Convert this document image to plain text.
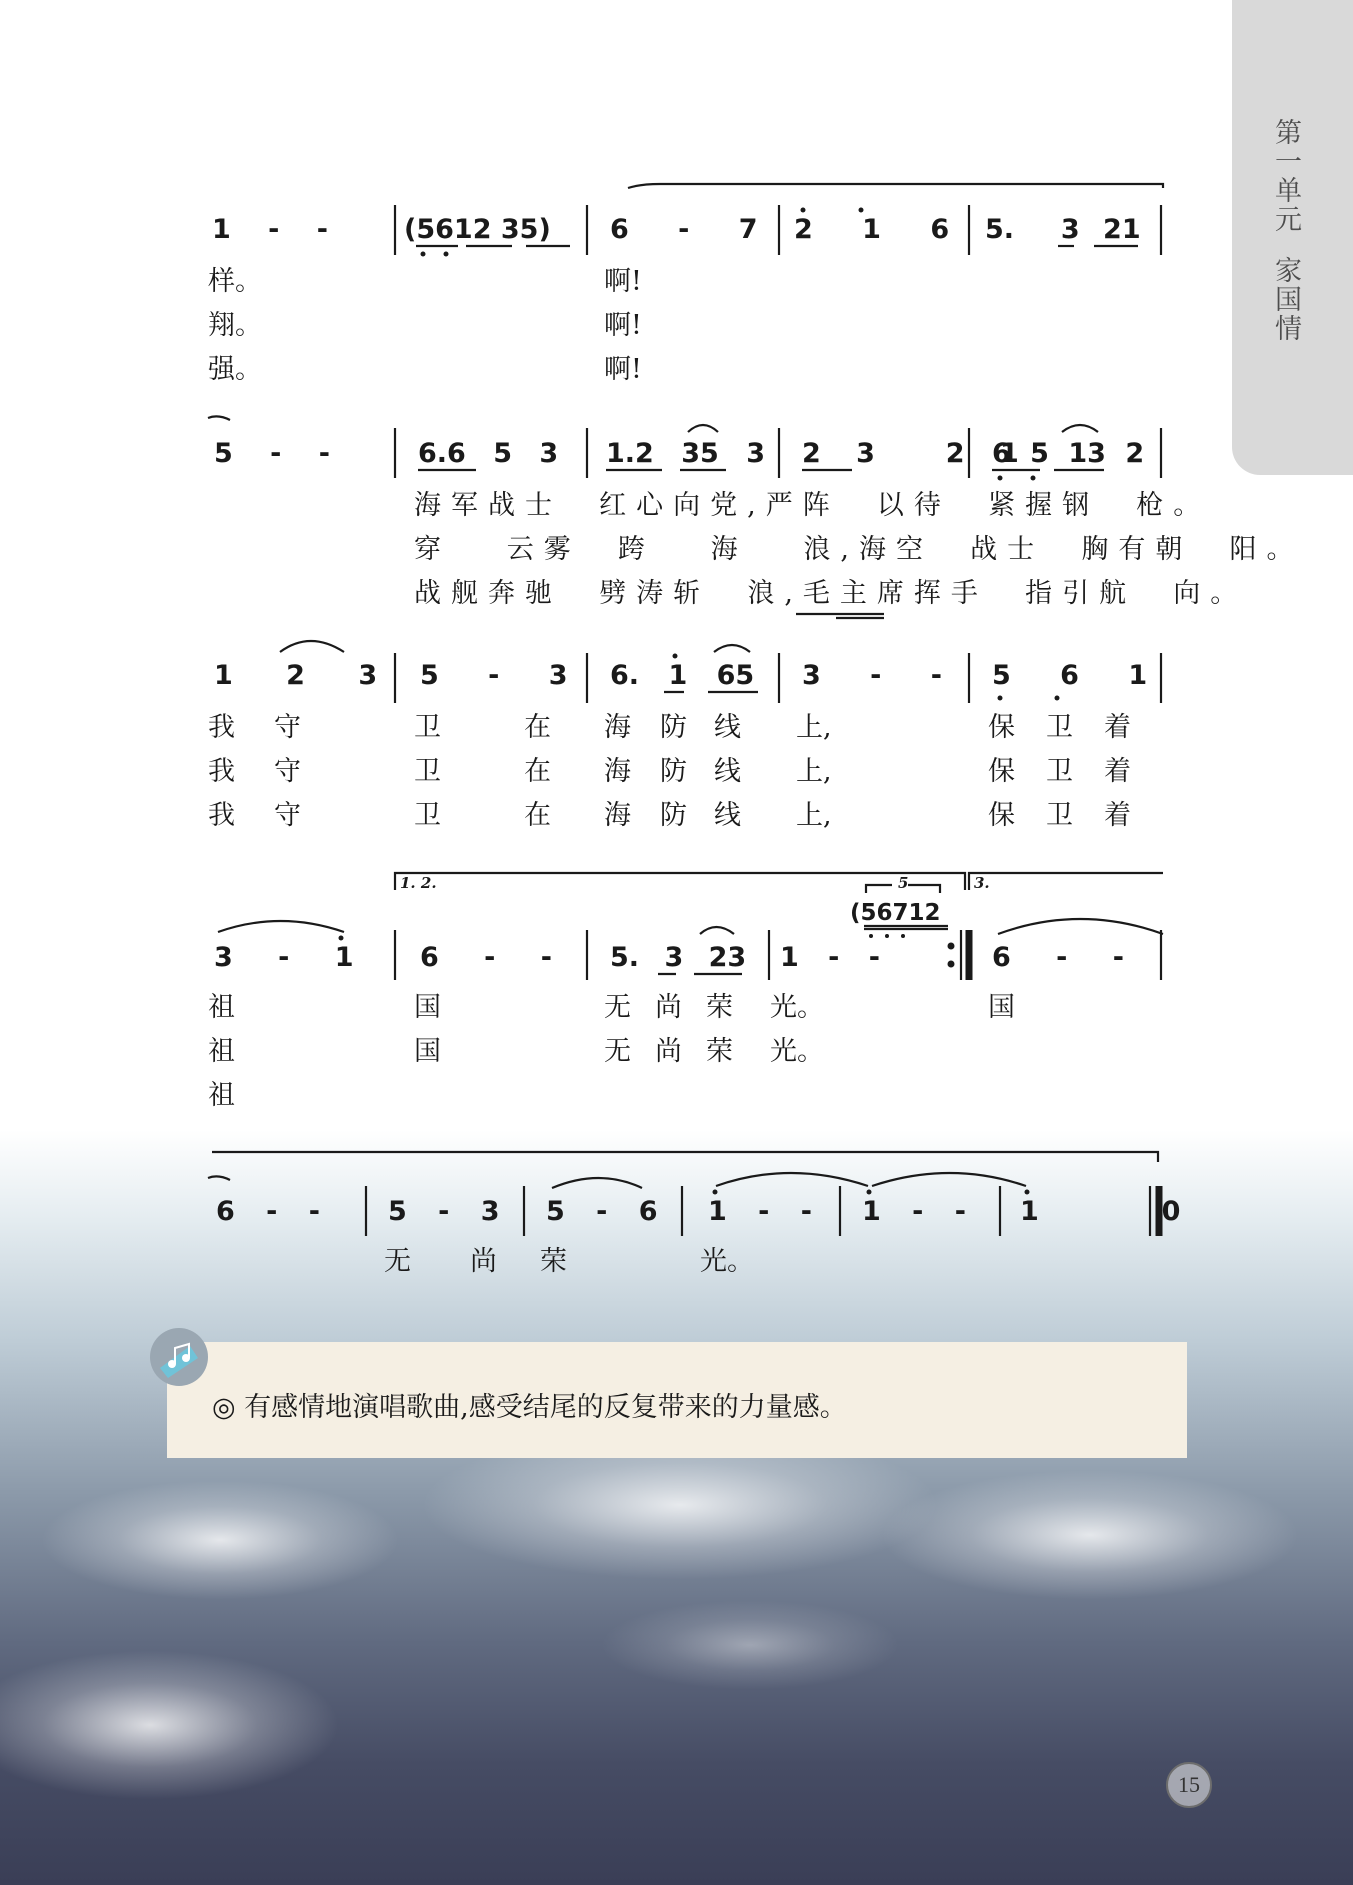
第一单元家国情
1 - -	(5612 35) 6 - 7 2 1 6 5.  3 21
样。	啊!
翔。	啊!
强。	啊!
5 - -	6.6 5 3 1.2 35 3 2 3  2 1
6 5 13 2
海军战士  红心向党,严阵  以待  紧握钢  枪。
穿   云雾  跨   海   浪,海空  战士  胸有朝  阳。
战舰奔驰  劈涛斩  浪,毛主席挥手  指引航  向。
1 2 3 5 - 3 6. 1 65 3 - - 5 6 1
我 守	卫	在 海 防 线 上,	保 卫 着
我 守	卫	在 海 防 线 上,	保 卫 着
我 守	卫	在 海 防 线 上,	保 卫 着
1. 2.	3.
3 - 1 6 - - 5. 3 23 1 - -
5
(56712
6 - -
祖	国	无尚荣 光。	国
祖	国	无尚荣 光。
祖
6 - -	5 - 3 5 - 6 1 - - 1 - - 1  0
无 尚 荣	光。
◎ 有感情地演唱歌曲,感受结尾的反复带来的力量感。
15
